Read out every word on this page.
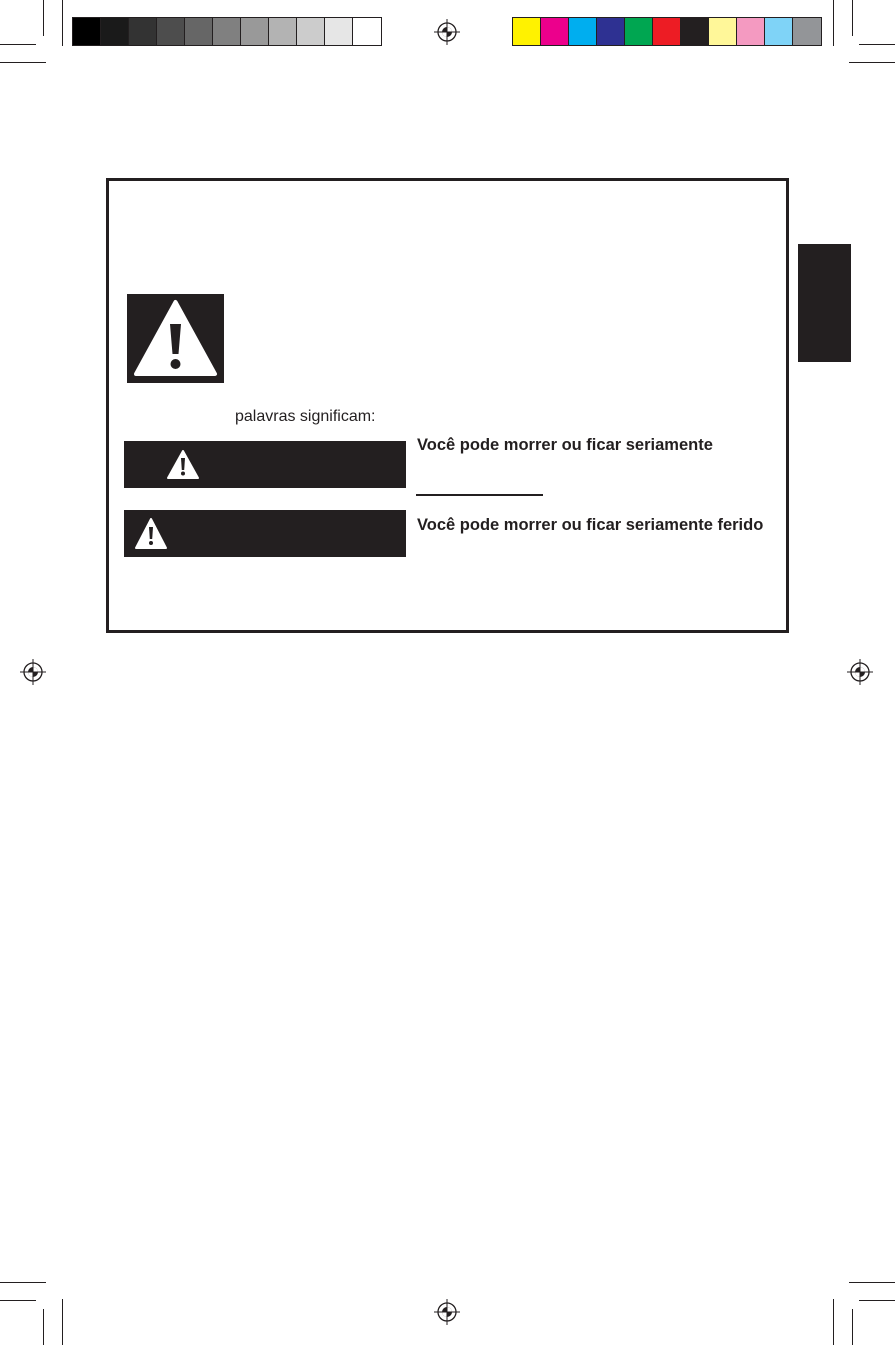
palavras significam:
Você pode morrer ou ficar seriamente
Você pode morrer ou ficar seriamente ferido
